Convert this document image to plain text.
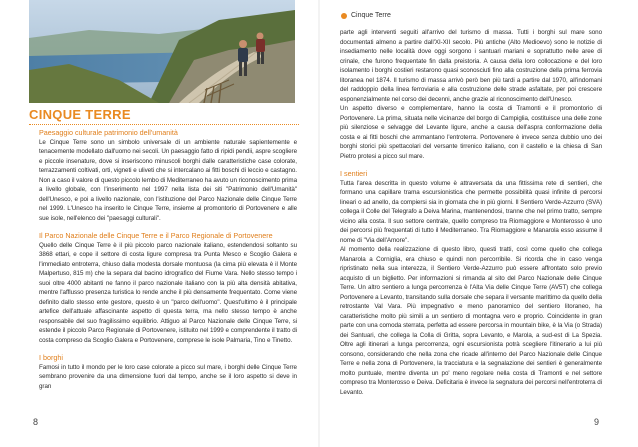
CINQUE TERRE

Paesaggio culturale patrimonio dell'umanità

Le Cinque Terre sono un simbolo universale di un ambiente naturale sapientemente e tenacemente modellato dall'uomo nei secoli. Un paesaggio fatto di ripidi pendii, aspre scogliere e piccole insenature, dove si inseriscono minuscoli borghi dalle caratteristiche case colorate, terrazzamenti coltivati, orti, vigneti e uliveti che si intercalano ai fitti boschi di leccio e castagno. Non a caso il valore di questo piccolo lembo di Mediterraneo ha avuto un riconoscimento prima a livello globale, con l'inserimento nel 1997 nella lista dei siti "Patrimonio dell'Umanità" dell'Unesco, e poi a livello nazionale, con l'istituzione del Parco Nazionale delle Cinque Terre nel 1999. L'Unesco ha inserito le Cinque Terre, insieme al promontorio di Portovenere e alle sue isole, nell'elenco dei "paesaggi culturali".

Il Parco Nazionale delle Cinque Terre e il Parco Regionale di Portovenere

Quello delle Cinque Terre è il più piccolo parco nazionale italiano, estendendosi soltanto su 3868 ettari, e cope il settore di costa ligure compresa tra Punta Mesco e Scoglio Galera e l'immediato entroterra, chiuso dalla modesta dorsale montuosa (la cima più elevata è il Monte Malpertuso, 815 m) che la separa dal bacino idrografico del Fiume Vara. Nello stesso tempo i suoi oltre 4000 abitanti ne fanno il parco nazionale italiano con la più alta densità abitativa, mentre l'afflusso presenza turistica lo rende anche il più densamente frequentato. Come viene definito dallo stesso ente gestore, questo è un "parco dell'uomo". Quest'ultimo è il principale artefice dell'attuale affascinante aspetto di questa terra, ma nello stesso tempo è anche responsabile del suo fragilissimo equilibrio. Attiguo al Parco Nazionale delle Cinque Terre, si estende il piccolo Parco Regionale di Portovenere, istituito nel 1999 e comprendente il tratto di costa compreso da Scoglio Galera e Portovenere, comprese le isole Palmaria, Tino e Tinetto.

I borghi

Famosi in tutto il mondo per le loro case colorate a picco sul mare, i borghi delle Cinque Terre sembrano provenire da una dimensione fuori dal tempo, anche se il loro aspetto si deve in gran

8
Cinque Terre

parte agli interventi seguiti all'arrivo del turismo di massa. Tutti i borghi sul mare sono documentati almeno a partire dall'XI-XII secolo. Più antiche (Alto Medioevo) sono le notizie di insediamento nelle località dove oggi sorgono i santuari mariani e soprattutto nelle aree di crinale, che furono frequentate fin dalla preistoria. A causa della loro collocazione e del loro isolamento i borghi costieri restarono quasi sconosciuti fino alla costruzione della prima ferrovia litoranea nel 1874. Il turismo di massa arrivò però ben più tardi a partire dal 1970, all'indomani del raddoppio della linea ferroviaria e alla costruzione delle strade asfaltate, per poi crescere esponenzialmente nel corso dei decenni, anche grazie al riconoscimento dell'Unesco.

Un aspetto diverso e complementare, hanno la costa di Tramonti e il promontorio di Portovenere. La prima, situata nelle vicinanze del borgo di Campiglia, costituisce una delle zone più silenziose e selvagge del Levante ligure, anche a causa dell'aspra conformazione della costa e ai fitti boschi che ammantano l'entroterra. Portovenere è invece senza dubbio uno dei borghi storici più spettacolari del versante tirrenico italiano, con il castello e la chiesa di San Pietro protesi a picco sul mare.

I sentieri

Tutta l'area descritta in questo volume è attraversata da una fittissima rete di sentieri, che formano una capillare trama escursionistica che permette possibilità quasi infinite di percorsi lineari o ad anello, da compiersi sia in giornata che in più giorni. Il Sentiero Verde-Azzurro (SVA) collega il Colle del Telegrafo a Deiva Marina, mantenendosi, tranne che nel primo tratto, sempre vicino alla costa. Il suo settore centrale, quello compreso tra Riomaggiore e Monterosso è uno dei percorsi più frequentati di tutto il Mediterraneo. Tra Riomaggiore e Manarola esso assume il nome di "Via dell'Amore".

Al momento della realizzazione di questo libro, questi tratti, così come quello che collega Manarola a Corniglia, era chiuso e quindi non percorribile. Si ricorda che in caso venga ripristinato nella sua interezza, il Sentiero Verde-Azzurro può essere affrontato solo previo acquisto di un biglietto. Per informazioni si rimanda al sito del Parco Nazionale delle Cinque Terre. Un altro sentiero a lunga percorrenza è l'Alta Via delle Cinque Terre (AV5T) che collega Portovenere a Levanto, transitando sulla dorsale che separa il versante marittimo da quello della retrostante Val Vara. Più impegnativo e meno panoramico del sentiero litoraneo, ha caratteristiche molto più simili a un sentiero di montagna vero e proprio. Coincidente in gran parte con una comoda sterrata, perfetta ad essere percorsa in mountain bike, è la Via (o Strada) dei Santuari, che collega la Colla di Gritta, sopra Levanto, e Marola, a sud-est di La Spezia. Oltre agli itinerari a lunga percorrenza, ogni escursionista potrà scegliere l'itinerario a lui più consono, considerando che nella zona che ricade all'interno del Parco Nazionale delle Cinque Terre e nella zona di Portovenere, la tracciatura e la segnalazione dei sentieri è generalmente molto puntuale, mentre diventa un po' meno regolare nella costa di Tramonti e nel settore compreso tra Monterosso e Deiva. Deficitaria è invece la segnatura dei percorsi nell'entroterra di Levanto.

9
